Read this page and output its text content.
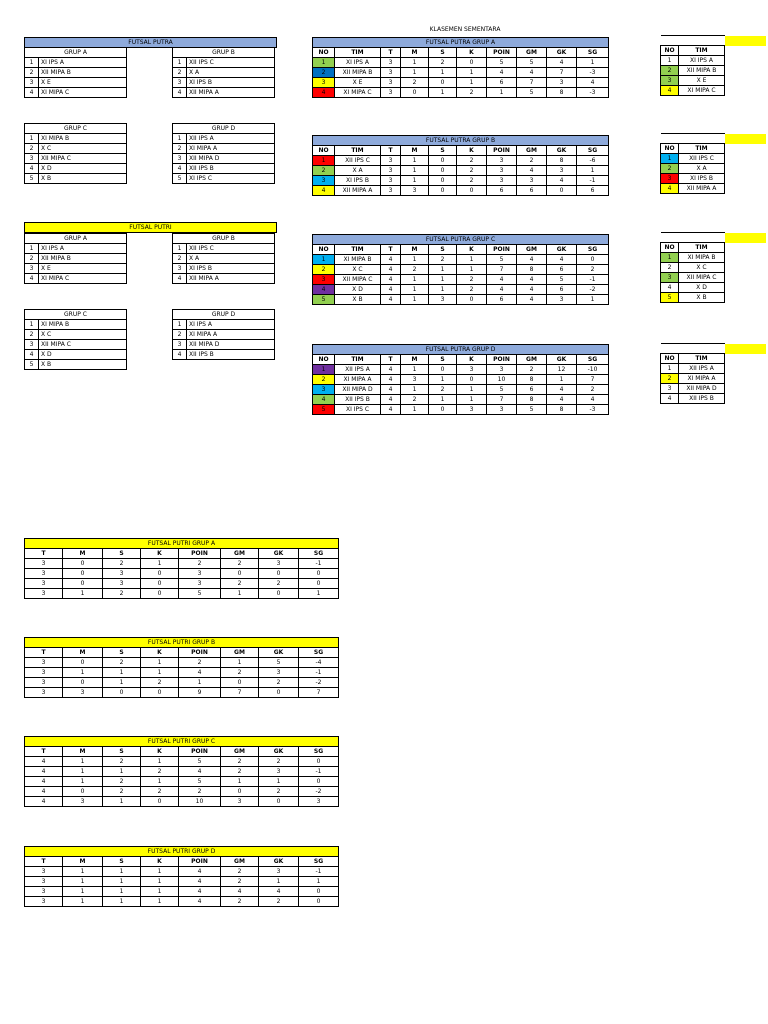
KLASEMEN SEMENTARA
FUTSAL PUTRA
GRUP A	
1	XI IPS A
2	XII MIPA B
3	X E
4	XI MIPA C
GRUP B	
1	XII IPS C
2	X A
3	XI IPS B
4	XII MIPA A
GRUP C	
1	XI MIPA B
2	X C
3	XII MIPA C
4	X D
5	X B
GRUP D	
1	XII IPS A
2	XI MIPA A
3	XII MIPA D
4	XII IPS B
5	XI IPS C
FUTSAL PUTRI
GRUP A	
1	XI IPS A
2	XII MIPA B
3	X E
4	XI MIPA C
GRUP B	
1	XII IPS C
2	X A
3	XI IPS B
4	XII MIPA A
GRUP C	
1	XI MIPA B
2	X C
3	XII MIPA C
4	X D
5	X B
GRUP D	
1	XI IPS A
2	XI MIPA A
3	XII MIPA D
4	XII IPS B
FUTSAL PUTRA GRUP A									
NO	TIM	T	M	S	K	POIN	GM	GK	SG
1	XI IPS A	3	1	2	0	5	5	4	1
2	XII MIPA B	3	1	1	1	4	4	7	-3
3	X E	3	2	0	1	6	7	3	4
4	XI MIPA C	3	0	1	2	1	5	8	-3
FUTSAL PUTRA GRUP B									
NO	TIM	T	M	S	K	POIN	GM	GK	SG
1	XII IPS C	3	1	0	2	3	2	8	-6
2	X A	3	1	0	2	3	4	3	1
3	XI IPS B	3	1	0	2	3	3	4	-1
4	XII MIPA A	3	3	0	0	6	6	0	6
FUTSAL PUTRA GRUP C									
NO	TIM	T	M	S	K	POIN	GM	GK	SG
1	XI MIPA B	4	1	2	1	5	4	4	0
2	X C	4	2	1	1	7	8	6	2
3	XII MIPA C	4	1	1	2	4	4	5	-1
4	X D	4	1	1	2	4	4	6	-2
5	X B	4	1	3	0	6	4	3	1
FUTSAL PUTRA GRUP D									
NO	TIM	T	M	S	K	POIN	GM	GK	SG
1	XII IPS A	4	1	0	3	3	2	12	-10
2	XI MIPA A	4	3	1	0	10	8	1	7
3	XII MIPA D	4	1	2	1	5	6	4	2
4	XII IPS B	4	2	1	1	7	8	4	4
5	XI IPS C	4	1	0	3	3	5	8	-3

NO	TIM	
1	XI IPS A	
2	XII MIPA B	
3	X E	
4	XI MIPA C	

NO	TIM	
1	XII IPS C	
2	X A	
3	XI IPS B	
4	XII MIPA A	

NO	TIM	
1	XI MIPA B	
2	X C	
3	XII MIPA C	
4	X D	
5	X B	

NO	TIM	
1	XII IPS A	
2	XI MIPA A	
3	XII MIPA D	
4	XII IPS B	
FUTSAL PUTRI GRUP A							
T	M	S	K	POIN	GM	GK	SG
3	0	2	1	2	2	3	-1
3	0	3	0	3	0	0	0
3	0	3	0	3	2	2	0
3	1	2	0	5	1	0	1
FUTSAL PUTRI GRUP B							
T	M	S	K	POIN	GM	GK	SG
3	0	2	1	2	1	5	-4
3	1	1	1	4	2	3	-1
3	0	1	2	1	0	2	-2
3	3	0	0	9	7	0	7
FUTSAL PUTRI GRUP C							
T	M	S	K	POIN	GM	GK	SG
4	1	2	1	5	2	2	0
4	1	1	2	4	2	3	-1
4	1	2	1	5	1	1	0
4	0	2	2	2	0	2	-2
4	3	1	0	10	3	0	3
FUTSAL PUTRI GRUP D							
T	M	S	K	POIN	GM	GK	SG
3	1	1	1	4	2	3	-1
3	1	1	1	4	2	1	1
3	1	1	1	4	4	4	0
3	1	1	1	4	2	2	0
